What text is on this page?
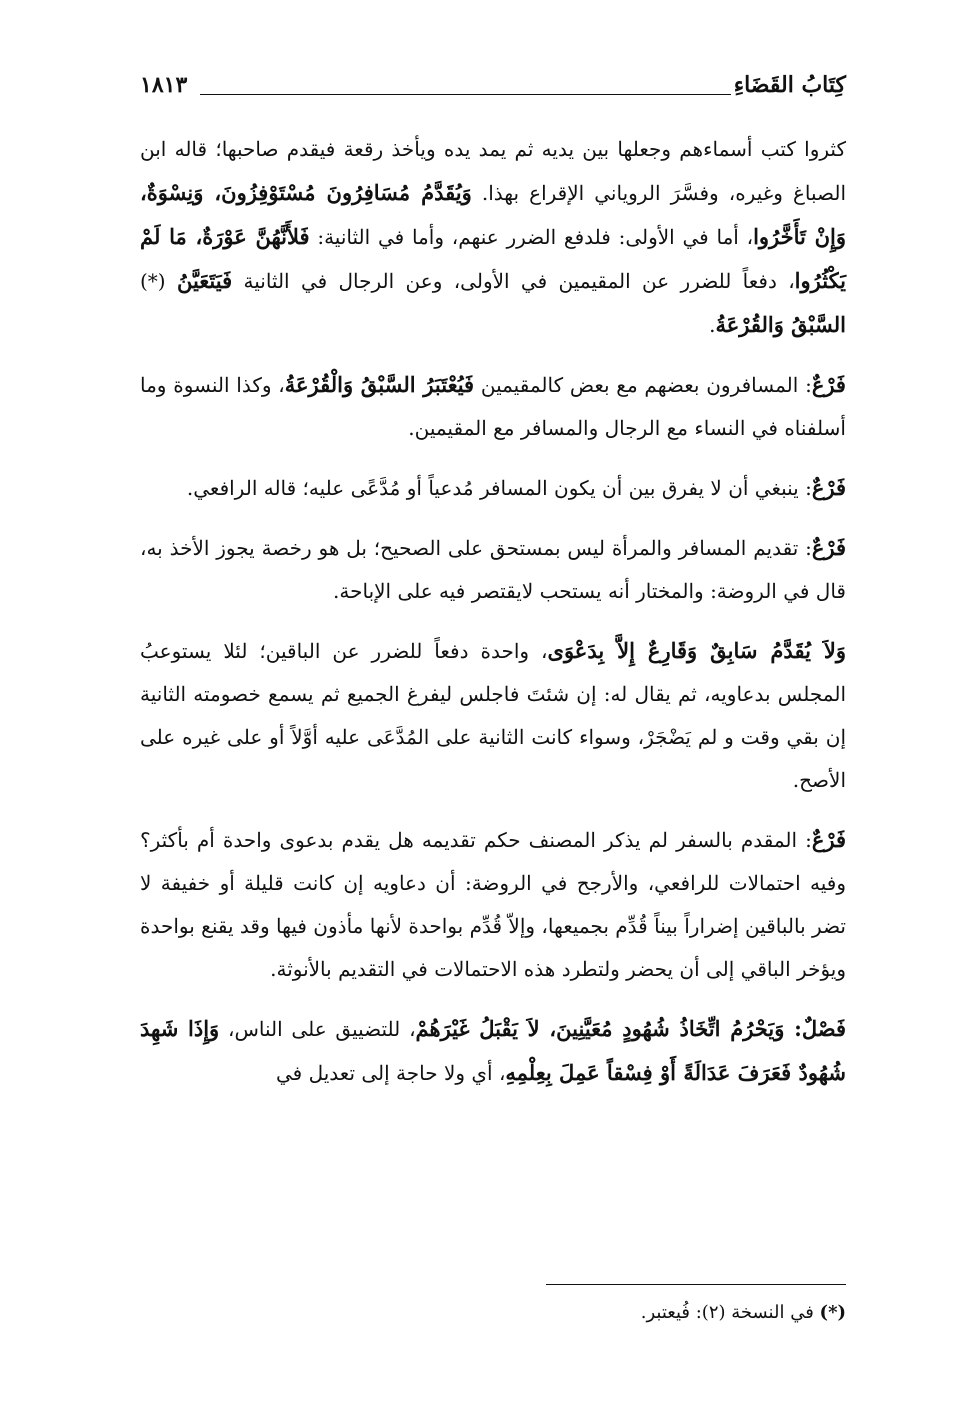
كِتَابُ القَضَاءِ
١٨١٣

كثروا كتب أسماءهم وجعلها بين يديه ثم يمد يده ويأخذ رقعة فيقدم صاحبها؛ قاله ابن الصباغ وغيره، وفسَّرَ الروياني الإقراع بهذا. وَيُقَدَّمُ مُسَافِرُونَ مُسْتَوْفِزُونَ، وَنِسْوَةٌ، وَإِنْ تَأَخَّرُوا، أما في الأولى: فلدفع الضرر عنهم، وأما في الثانية: فَلأَنَّهُنَّ عَوْرَةٌ، مَا لَمْ يَكْثُرُوا، دفعاً للضرر عن المقيمين في الأولى، وعن الرجال في الثانية فَيَتَعَيَّنُ (*) السَّبْقُ وَالقُرْعَةُ.

فَرْعٌ: المسافرون بعضهم مع بعض كالمقيمين فَيُعْتَبَرُ السَّبْقُ وَالْقُرْعَةُ، وكذا النسوة وما أسلفناه في النساء مع الرجال والمسافر مع المقيمين.

فَرْعٌ: ينبغي أن لا يفرق بين أن يكون المسافر مُدعياً أو مُدَّعًى عليه؛ قاله الرافعي.

فَرْعٌ: تقديم المسافر والمرأة ليس بمستحق على الصحيح؛ بل هو رخصة يجوز الأخذ به، قال في الروضة: والمختار أنه يستحب لايقتصر فيه على الإباحة.

وَلاَ يُقَدَّمُ سَابِقٌ وَقَارِعٌ إِلاَّ بِدَعْوَى، واحدة دفعاً للضرر عن الباقين؛ لئلا يستوعبُ المجلس بدعاويه، ثم يقال له: إن شئتَ فاجلس ليفرغ الجميع ثم يسمع خصومته الثانية إن بقي وقت و لم يَضْجَرْ، وسواء كانت الثانية على المُدَّعَى عليه أوَّلاً أو على غيره على الأصح.

فَرْعٌ: المقدم بالسفر لم يذكر المصنف حكم تقديمه هل يقدم بدعوى واحدة أم بأكثر؟ وفيه احتمالات للرافعي، والأرجح في الروضة: أن دعاويه إن كانت قليلة أو خفيفة لا تضر بالباقين إضراراً بيناً قُدِّم بجميعها، وإلاّ قُدِّم بواحدة لأنها مأذون فيها وقد يقنع بواحدة ويؤخر الباقي إلى أن يحضر ولتطرد هذه الاحتمالات في التقديم بالأنوثة.

فَصْلٌ: وَيَحْرُمُ اتِّخَاذُ شُهُودٍ مُعَيَّنِينَ، لاَ يَقْبَلُ غَيْرَهُمْ، للتضييق على الناس، وَإِذَا شَهِدَ شُهُودٌ فَعَرَفَ عَدَالَةً أَوْ فِسْقاً عَمِلَ بِعِلْمِهِ، أي ولا حاجة إلى تعديل في

(*) في النسخة (٢): فُيعتبر.
